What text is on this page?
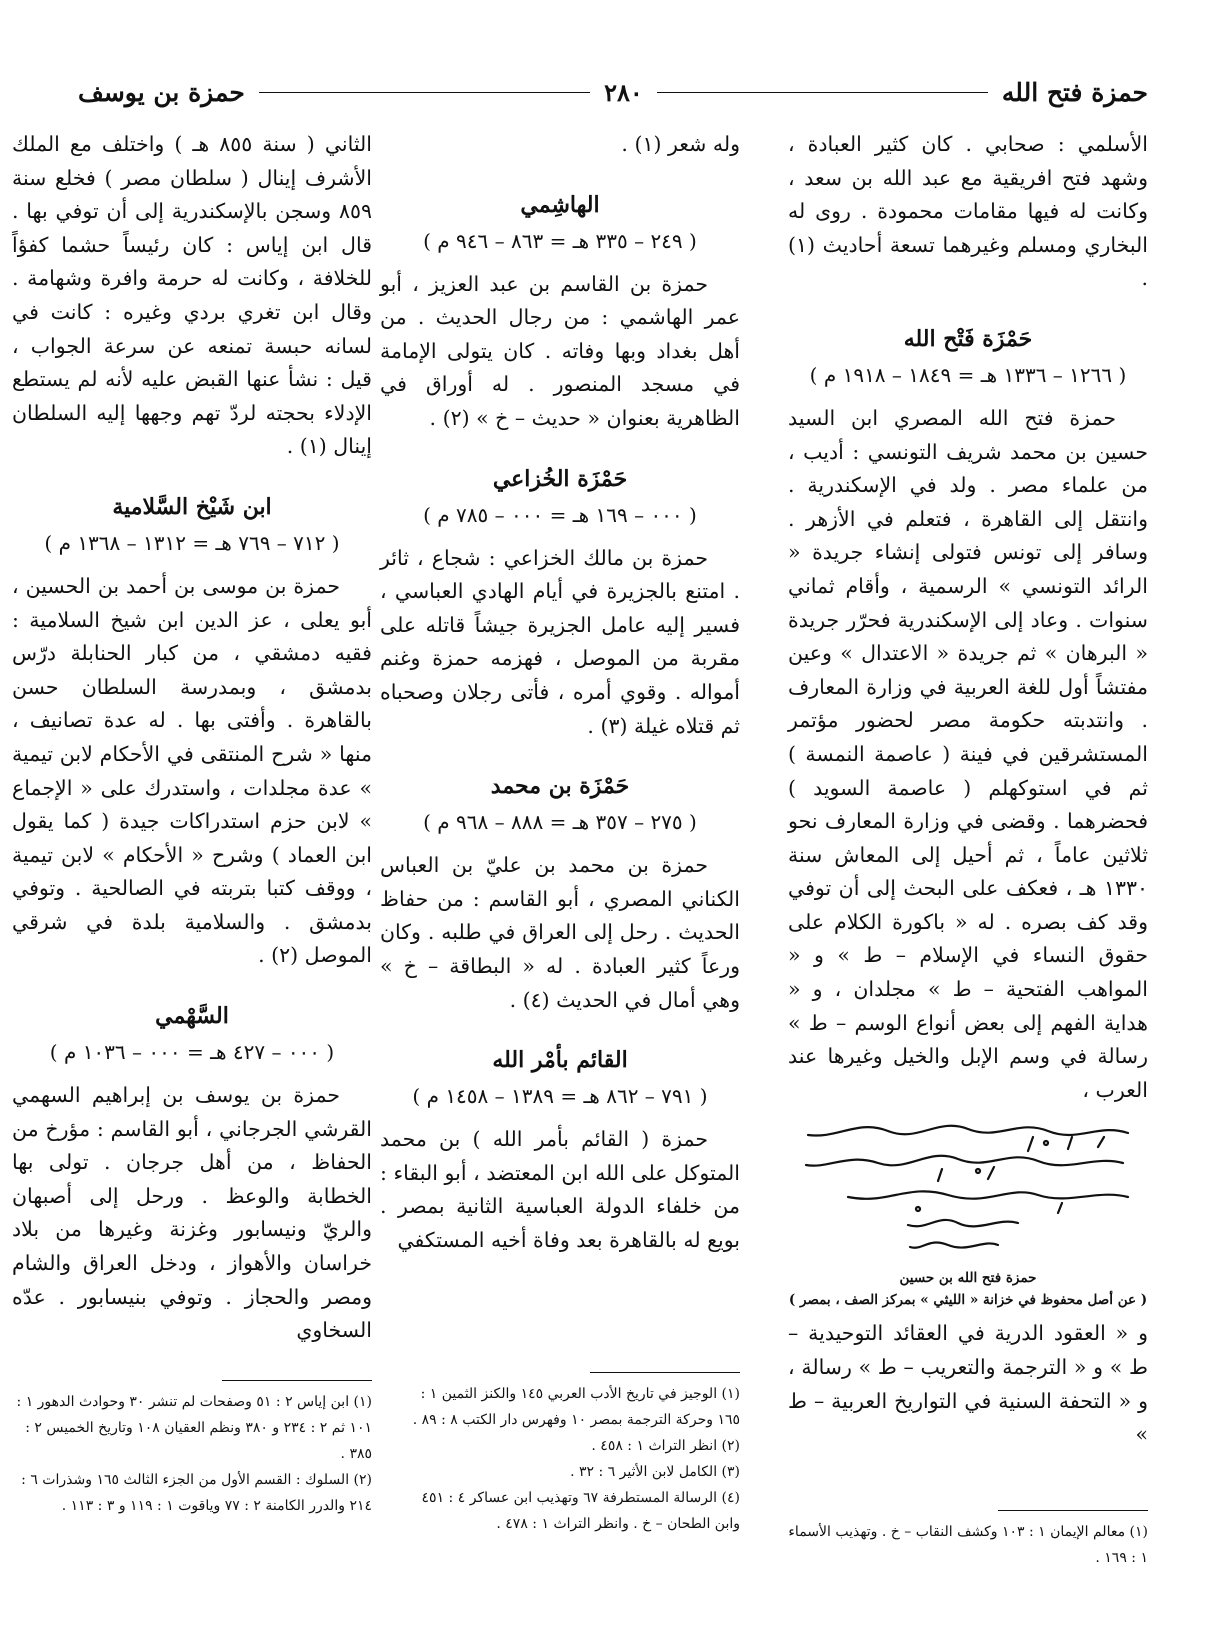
حمزة فتح الله
٢٨٠
حمزة بن يوسف

الأسلمي : صحابي . كان كثير العبادة ، وشهد فتح افريقية مع عبد الله بن سعد ، وكانت له فيها مقامات محمودة . روى له البخاري ومسلم وغيرهما تسعة أحاديث (١) .

حَمْزَة فَتْح الله
( ١٢٦٦ – ١٣٣٦ هـ = ١٨٤٩ – ١٩١٨ م )

حمزة فتح الله المصري ابن السيد حسين بن محمد شريف التونسي : أديب ، من علماء مصر . ولد في الإسكندرية . وانتقل إلى القاهرة ، فتعلم في الأزهر . وسافر إلى تونس فتولى إنشاء جريدة « الرائد التونسي » الرسمية ، وأقام ثماني سنوات . وعاد إلى الإسكندرية فحرّر جريدة « البرهان » ثم جريدة « الاعتدال » وعين مفتشاً أول للغة العربية في وزارة المعارف . وانتدبته حكومة مصر لحضور مؤتمر المستشرقين في فينة ( عاصمة النمسة ) ثم في استوكهلم ( عاصمة السويد ) فحضرهما . وقضى في وزارة المعارف نحو ثلاثين عاماً ، ثم أحيل إلى المعاش سنة ١٣٣٠ هـ ، فعكف على البحث إلى أن توفي وقد كف بصره . له « باكورة الكلام على حقوق النساء في الإسلام – ط » و « المواهب الفتحية – ط » مجلدان ، و « هداية الفهم إلى بعض أنواع الوسم – ط » رسالة في وسم الإبل والخيل وغيرها عند العرب ،

حمزة فتح الله بن حسين
( عن أصل محفوظ في خزانة « الليثي » بمركز الصف ، بمصر )

و « العقود الدرية في العقائد التوحيدية – ط » و « الترجمة والتعريب – ط » رسالة ، و « التحفة السنية في التواريخ العربية – ط »

(١) معالم الإيمان ١ : ١٠٣ وكشف النقاب – خ . وتهذيب الأسماء ١ : ١٦٩ .

وله شعر (١) .

الهاشِمي
( ٢٤٩ – ٣٣٥ هـ = ٨٦٣ – ٩٤٦ م )

حمزة بن القاسم بن عبد العزيز ، أبو عمر الهاشمي : من رجال الحديث . من أهل بغداد وبها وفاته . كان يتولى الإمامة في مسجد المنصور . له أوراق في الظاهرية بعنوان « حديث – خ » (٢) .

حَمْزَة الخُزاعي
( ٠٠٠ – ١٦٩ هـ = ٠٠٠ – ٧٨٥ م )

حمزة بن مالك الخزاعي : شجاع ، ثائر . امتنع بالجزيرة في أيام الهادي العباسي ، فسير إليه عامل الجزيرة جيشاً قاتله على مقربة من الموصل ، فهزمه حمزة وغنم أمواله . وقوي أمره ، فأتى رجلان وصحباه ثم قتلاه غيلة (٣) .

حَمْزَة بن محمد
( ٢٧٥ – ٣٥٧ هـ = ٨٨٨ – ٩٦٨ م )

حمزة بن محمد بن عليّ بن العباس الكناني المصري ، أبو القاسم : من حفاظ الحديث . رحل إلى العراق في طلبه . وكان ورعاً كثير العبادة . له « البطاقة – خ » وهي أمال في الحديث (٤) .

القائم بأمْر الله
( ٧٩١ – ٨٦٢ هـ = ١٣٨٩ – ١٤٥٨ م )

حمزة ( القائم بأمر الله ) بن محمد المتوكل على الله ابن المعتضد ، أبو البقاء : من خلفاء الدولة العباسية الثانية بمصر . بويع له بالقاهرة بعد وفاة أخيه المستكفي

(١) الوجيز في تاريخ الأدب العربي ١٤٥ والكنز الثمين ١ : ١٦٥ وحركة الترجمة بمصر ١٠ وفهرس دار الكتب ٨ : ٨٩ .

(٢) انظر التراث ١ : ٤٥٨ .

(٣) الكامل لابن الأثير ٦ : ٣٢ .

(٤) الرسالة المستطرفة ٦٧ وتهذيب ابن عساكر ٤ : ٤٥١ وابن الطحان – خ . وانظر التراث ١ : ٤٧٨ .

الثاني ( سنة ٨٥٥ هـ ) واختلف مع الملك الأشرف إينال ( سلطان مصر ) فخلع سنة ٨٥٩ وسجن بالإسكندرية إلى أن توفي بها . قال ابن إياس : كان رئيساً حشما كفؤاً للخلافة ، وكانت له حرمة وافرة وشهامة . وقال ابن تغري بردي وغيره : كانت في لسانه حبسة تمنعه عن سرعة الجواب ، قيل : نشأ عنها القبض عليه لأنه لم يستطع الإدلاء بحجته لردّ تهم وجهها إليه السلطان إينال (١) .

ابن شَيْخ السَّلامية
( ٧١٢ – ٧٦٩ هـ = ١٣١٢ – ١٣٦٨ م )

حمزة بن موسى بن أحمد بن الحسين ، أبو يعلى ، عز الدين ابن شيخ السلامية : فقيه دمشقي ، من كبار الحنابلة درّس بدمشق ، وبمدرسة السلطان حسن بالقاهرة . وأفتى بها . له عدة تصانيف ، منها « شرح المنتقى في الأحكام لابن تيمية » عدة مجلدات ، واستدرك على « الإجماع » لابن حزم استدراكات جيدة ( كما يقول ابن العماد ) وشرح « الأحكام » لابن تيمية ، ووقف كتبا بتربته في الصالحية . وتوفي بدمشق . والسلامية بلدة في شرقي الموصل (٢) .

السَّهْمي
( ٠٠٠ – ٤٢٧ هـ = ٠٠٠ – ١٠٣٦ م )

حمزة بن يوسف بن إبراهيم السهمي القرشي الجرجاني ، أبو القاسم : مؤرخ من الحفاظ ، من أهل جرجان . تولى بها الخطابة والوعظ . ورحل إلى أصبهان والريّ ونيسابور وغزنة وغيرها من بلاد خراسان والأهواز ، ودخل العراق والشام ومصر والحجاز . وتوفي بنيسابور . عدّه السخاوي

(١) ابن إياس ٢ : ٥١ وصفحات لم تنشر ٣٠ وحوادث الدهور ١ : ١٠١ ثم ٢ : ٢٣٤ و ٣٨٠ ونظم العقيان ١٠٨ وتاريخ الخميس ٢ : ٣٨٥ .

(٢) السلوك : القسم الأول من الجزء الثالث ١٦٥ وشذرات ٦ : ٢١٤ والدرر الكامنة ٢ : ٧٧ وياقوت ١ : ١١٩ و ٣ : ١١٣ .
